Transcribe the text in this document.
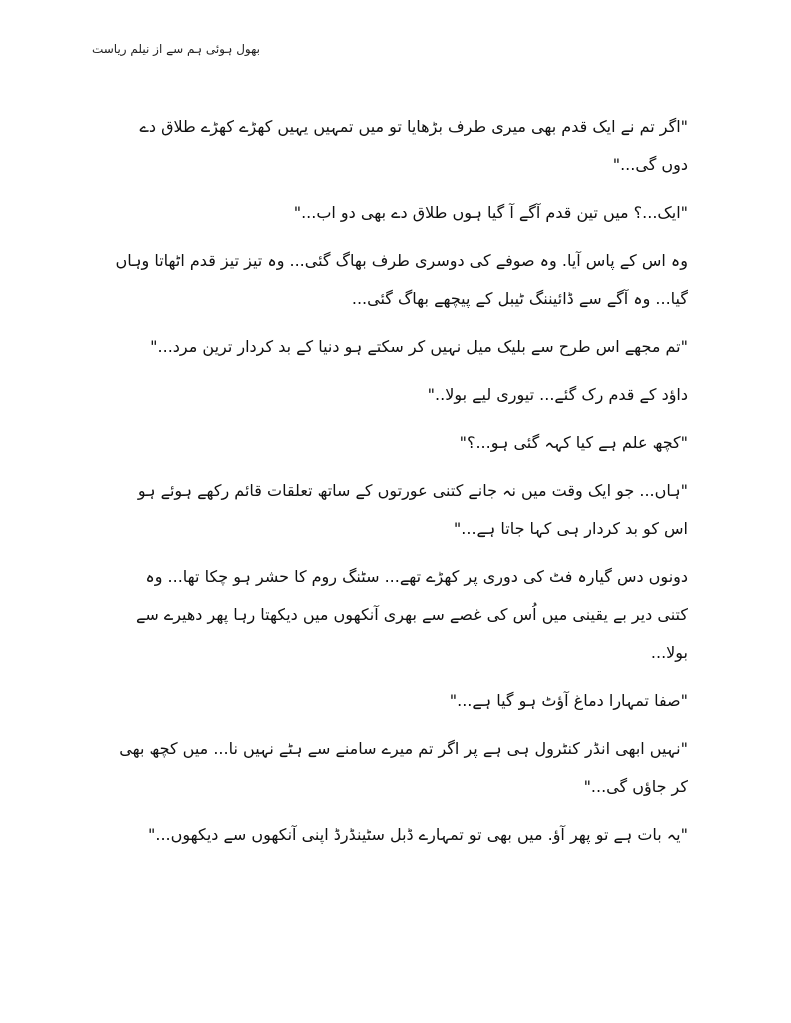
بھول ہوئی ہم سے از نیلم ریاست

"اگر تم نے ایک قدم بھی میری طرف بڑھایا تو میں تمہیں یہیں کھڑے کھڑے طلاق دے دوں گی..."

"ایک...؟ میں تین قدم آگے آ گیا ہوں طلاق دے بھی دو اب..."

وہ اس کے پاس آیا. وہ صوفے کی دوسری طرف بھاگ گئی... وہ تیز تیز قدم اٹھاتا وہاں گیا... وہ آگے سے ڈائیننگ ٹیبل کے پیچھے بھاگ گئی...

"تم مجھے اس طرح سے بلیک میل نہیں کر سکتے ہو دنیا کے بد کردار ترین مرد..."

داؤد کے قدم رک گئے... تیوری لیے بولا.."

"کچھ علم ہے کیا کہہ گئی ہو...؟"

"ہاں... جو ایک وقت میں نہ جانے کتنی عورتوں کے ساتھ تعلقات قائم رکھے ہوئے ہو اس کو بد کردار ہی کہا جاتا ہے..."

دونوں دس گیارہ فٹ کی دوری پر کھڑے تھے... سٹنگ روم کا حشر ہو چکا تھا... وہ کتنی دیر بے یقینی میں اُس کی غصے سے بھری آنکھوں میں دیکھتا رہا پھر دھیرے سے بولا...

"صفا تمہارا دماغ آؤٹ ہو گیا ہے..."

"نہیں ابھی انڈر کنٹرول ہی ہے پر اگر تم میرے سامنے سے ہٹے نہیں نا... میں کچھ بھی کر جاؤں گی..."

"یہ بات ہے تو پھر آؤ. میں بھی تو تمہارے ڈبل سٹینڈرڈ اپنی آنکھوں سے دیکھوں..."
